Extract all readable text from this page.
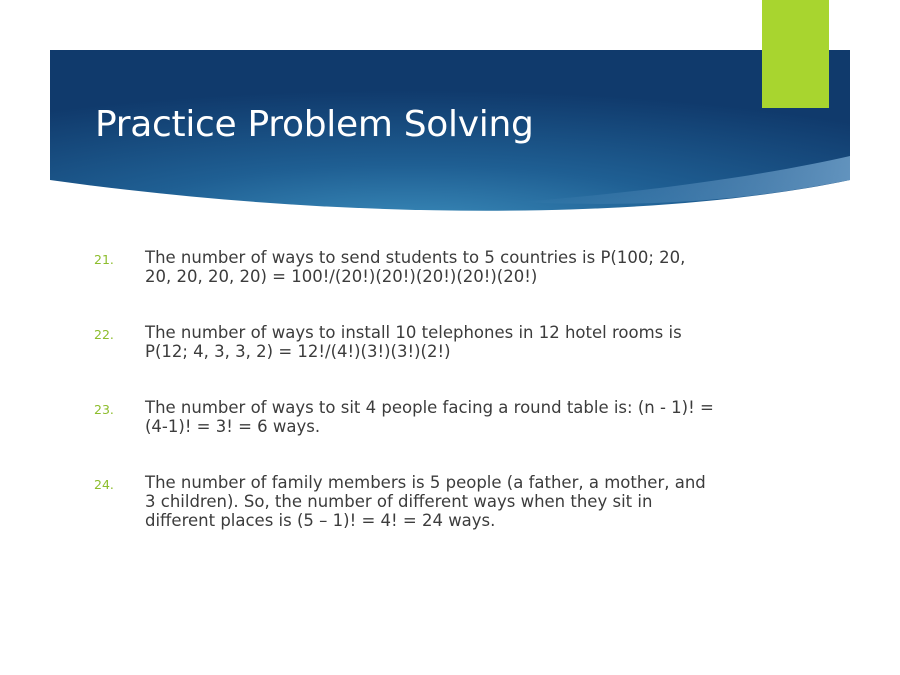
Practice Problem Solving
21. The number of ways to send students to 5 countries is P(100; 20, 20, 20, 20, 20) = 100!/(20!)(20!)(20!)(20!)(20!)
22. The number of ways to install 10 telephones in 12 hotel rooms is P(12; 4, 3, 3, 2) = 12!/(4!)(3!)(3!)(2!)
23. The number of ways to sit 4 people facing a round table is: (n - 1)! = (4-1)! = 3! = 6 ways.
24. The number of family members is 5 people (a father, a mother, and 3 children). So, the number of different ways when they sit in different places is (5 – 1)! = 4! = 24 ways.
